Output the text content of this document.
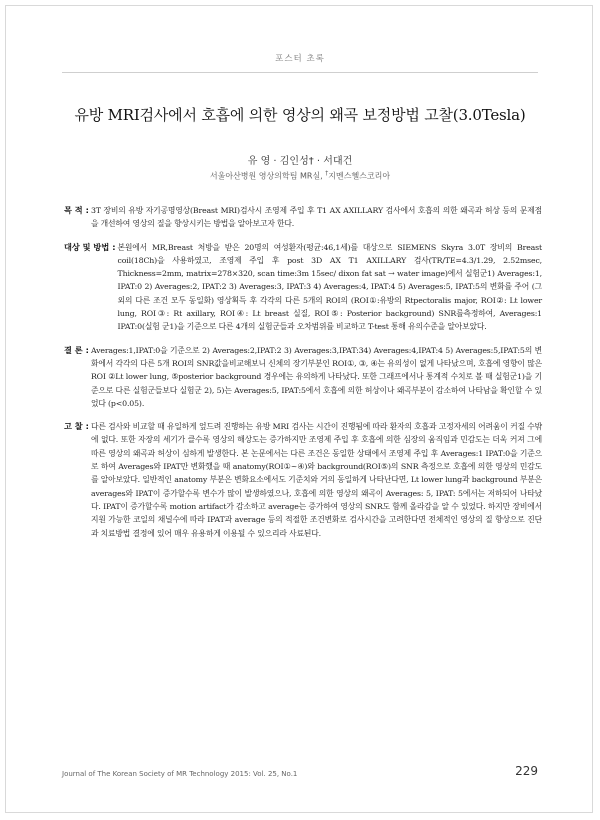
포스터 초록
유방 MRI검사에서 호흡에 의한 영상의 왜곡 보정방법 고찰(3.0Tesla)
유 영 · 김인성† · 서대건
서울아산병원 영상의학팀 MR실, †지멘스헬스코리아
목 적 : 3T 장비의 유방 자기공명영상(Breast MRI)검사시 조영제 주입 후 T1 AX AXILLARY 검사에서 호흡의 의한 왜곡과 허상 등의 문제점을 개선하여 영상의 질을 향상시키는 방법을 알아보고자 한다.
대상 및 방법 : 본원에서 MR,Breast 처방을 받은 20명의 여성환자(평균:46,1세)를 대상으로 SIEMENS Skyra 3.0T 장비의 Breast coil(18Ch)을 사용하였고, 조영제 주입 후 post 3D AX T1 AXILLARY 검사(TR/TE=4.3/1.29, 2.52msec, Thickness=2mm, matrix=278×320, scan time:3m 15sec/ dixon fat sat → water image)에서 실험군1) Averages:1, IPAT:0 2) Averages:2, IPAT:2 3) Averages:3, IPAT:3 4) Averages:4, IPAT:4 5) Averages:5, IPAT:5의 변화를 주어 (그 외의 다른 조건 모두 동일화) 영상획득 후 각각의 다른 5개의 ROI의 (ROI①:유방의 Rtpectoralis major, ROI②: Lt lower lung, ROI③: Rt axillary, ROI④: Lt breast 실질, ROI⑤: Posterior background) SNR를측정하여, Averages:1 IPAT:0(실험 군1)을 기준으로 다른 4개의 실험군들과 오차범위를 비교하고 T-test 통해 유의수준을 알아보았다.
결 론 : Averages:1,IPAT:0을 기준으로 2) Averages:2,IPAT:2 3) Averages:3,IPAT:34) Averages:4,IPAT:4 5) Averages:5,IPAT:5의 변화에서 각각의 다른 5개 ROI의 SNR값을비교해보니 신체의 장기부분인 ROI①, ③, ④는 유의성이 없게 나타났으며, 호흡에 영향이 많은 ROI ②Lt lower lung, ⑤posterior background 경우에는 유의하게 나타났다. 또한 그래프에서나 통계적 수치로 볼 때 실험군1)을 기준으로 다른 실험군들보다 실험군 2), 5)는 Averages:5, IPAT:5에서 호흡에 의한 허상이나 왜곡부분이 감소하여 나타남을 확인할 수 있었다 (p<0.05).
고 찰 : 다른 검사와 비교할 때 유일하게 엎드려 진행하는 유방 MRI 검사는 시간이 진행됨에 따라 환자의 호흡과 고정자세의 어려움이 커질 수밖에 없다. 또한 자장의 세기가 클수록 영상의 해상도는 증가하지만 조영제 주입 후 호흡에 의한 심장의 움직임과 민감도는 더욱 커져 그에 따른 영상의 왜곡과 허상이 심하게 발생한다. 본 논문에서는 다른 조건은 동일한 상태에서 조영제 주입 후 Averages:1 IPAT:0을 기준으로 하여 Averages와 IPAT만 변화했을 때 anatomy(ROI①~④)와 background(ROI⑤)의 SNR 측정으로 호흡에 의한 영상의 민감도를 알아보았다. 일반적인 anatomy 부분은 변화요소에서도 기준치와 거의 동일하게 나타난다면, Lt lower lung과 background 부분은 averages와 IPAT이 증가할수록 변수가 많이 발생하였으나, 호흡에 의한 영상의 왜곡이 Averages: 5, IPAT: 5에서는 저하되어 나타났다. IPAT이 증가할수록 motion artifact가 감소하고 average는 증가하여 영상의 SNR도 함께 올라감을 알 수 있었다. 하지만 장비에서 지원 가능한 코일의 채널수에 따라 IPAT과 average 등의 적절한 조건변화로 검사시간을 고려한다면 전체적인 영상의 질 향상으로 진단과 치료방법 결정에 있어 매우 유용하게 이용될 수 있으리라 사료된다.
Journal of The Korean Society of MR Technology 2015: Vol. 25, No.1	229
